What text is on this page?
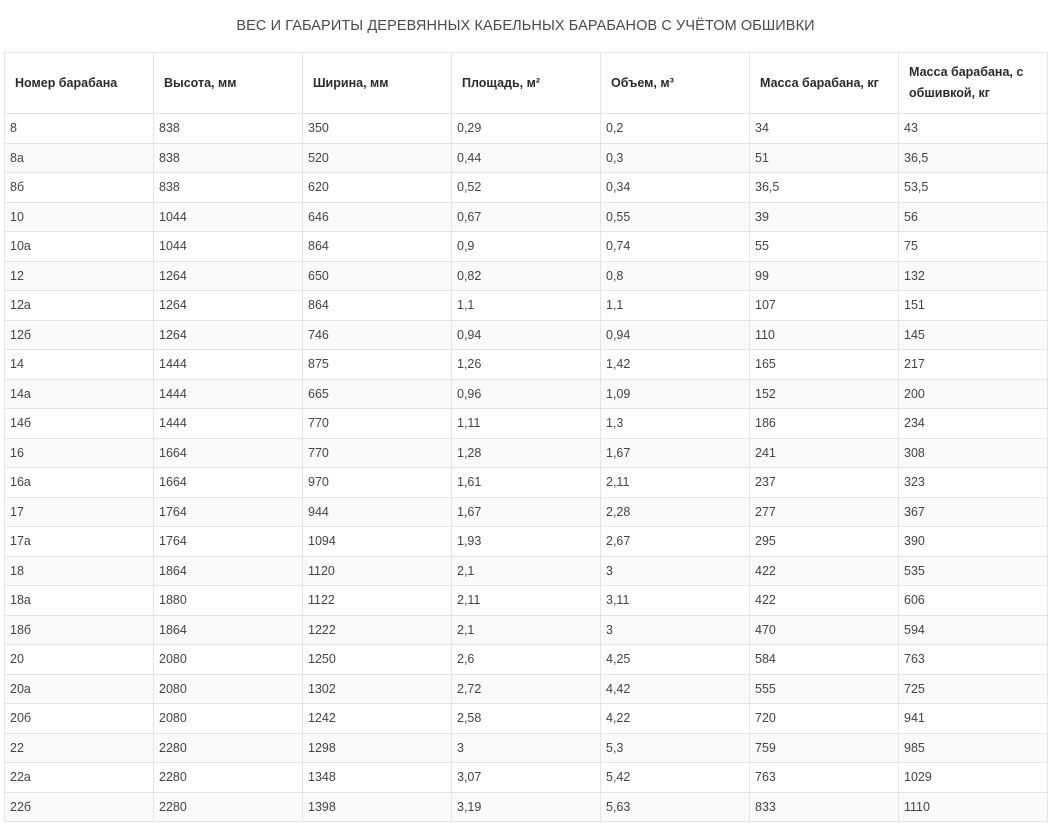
ВЕС И ГАБАРИТЫ ДЕРЕВЯННЫХ КАБЕЛЬНЫХ БАРАБАНОВ С УЧЁТОМ ОБШИВКИ
Номер барабана	Высота, мм	Ширина, мм	Площадь, м²	Объем, м³	Масса барабана, кг	Масса барабана, с обшивкой, кг
8	838	350	0,29	0,2	34	43
8а	838	520	0,44	0,3	51	36,5
8б	838	620	0,52	0,34	36,5	53,5
10	1044	646	0,67	0,55	39	56
10а	1044	864	0,9	0,74	55	75
12	1264	650	0,82	0,8	99	132
12а	1264	864	1,1	1,1	107	151
12б	1264	746	0,94	0,94	110	145
14	1444	875	1,26	1,42	165	217
14а	1444	665	0,96	1,09	152	200
14б	1444	770	1,11	1,3	186	234
16	1664	770	1,28	1,67	241	308
16а	1664	970	1,61	2,11	237	323
17	1764	944	1,67	2,28	277	367
17а	1764	1094	1,93	2,67	295	390
18	1864	1120	2,1	3	422	535
18а	1880	1122	2,11	3,11	422	606
18б	1864	1222	2,1	3	470	594
20	2080	1250	2,6	4,25	584	763
20а	2080	1302	2,72	4,42	555	725
20б	2080	1242	2,58	4,22	720	941
22	2280	1298	3	5,3	759	985
22а	2280	1348	3,07	5,42	763	1029
22б	2280	1398	3,19	5,63	833	1110
